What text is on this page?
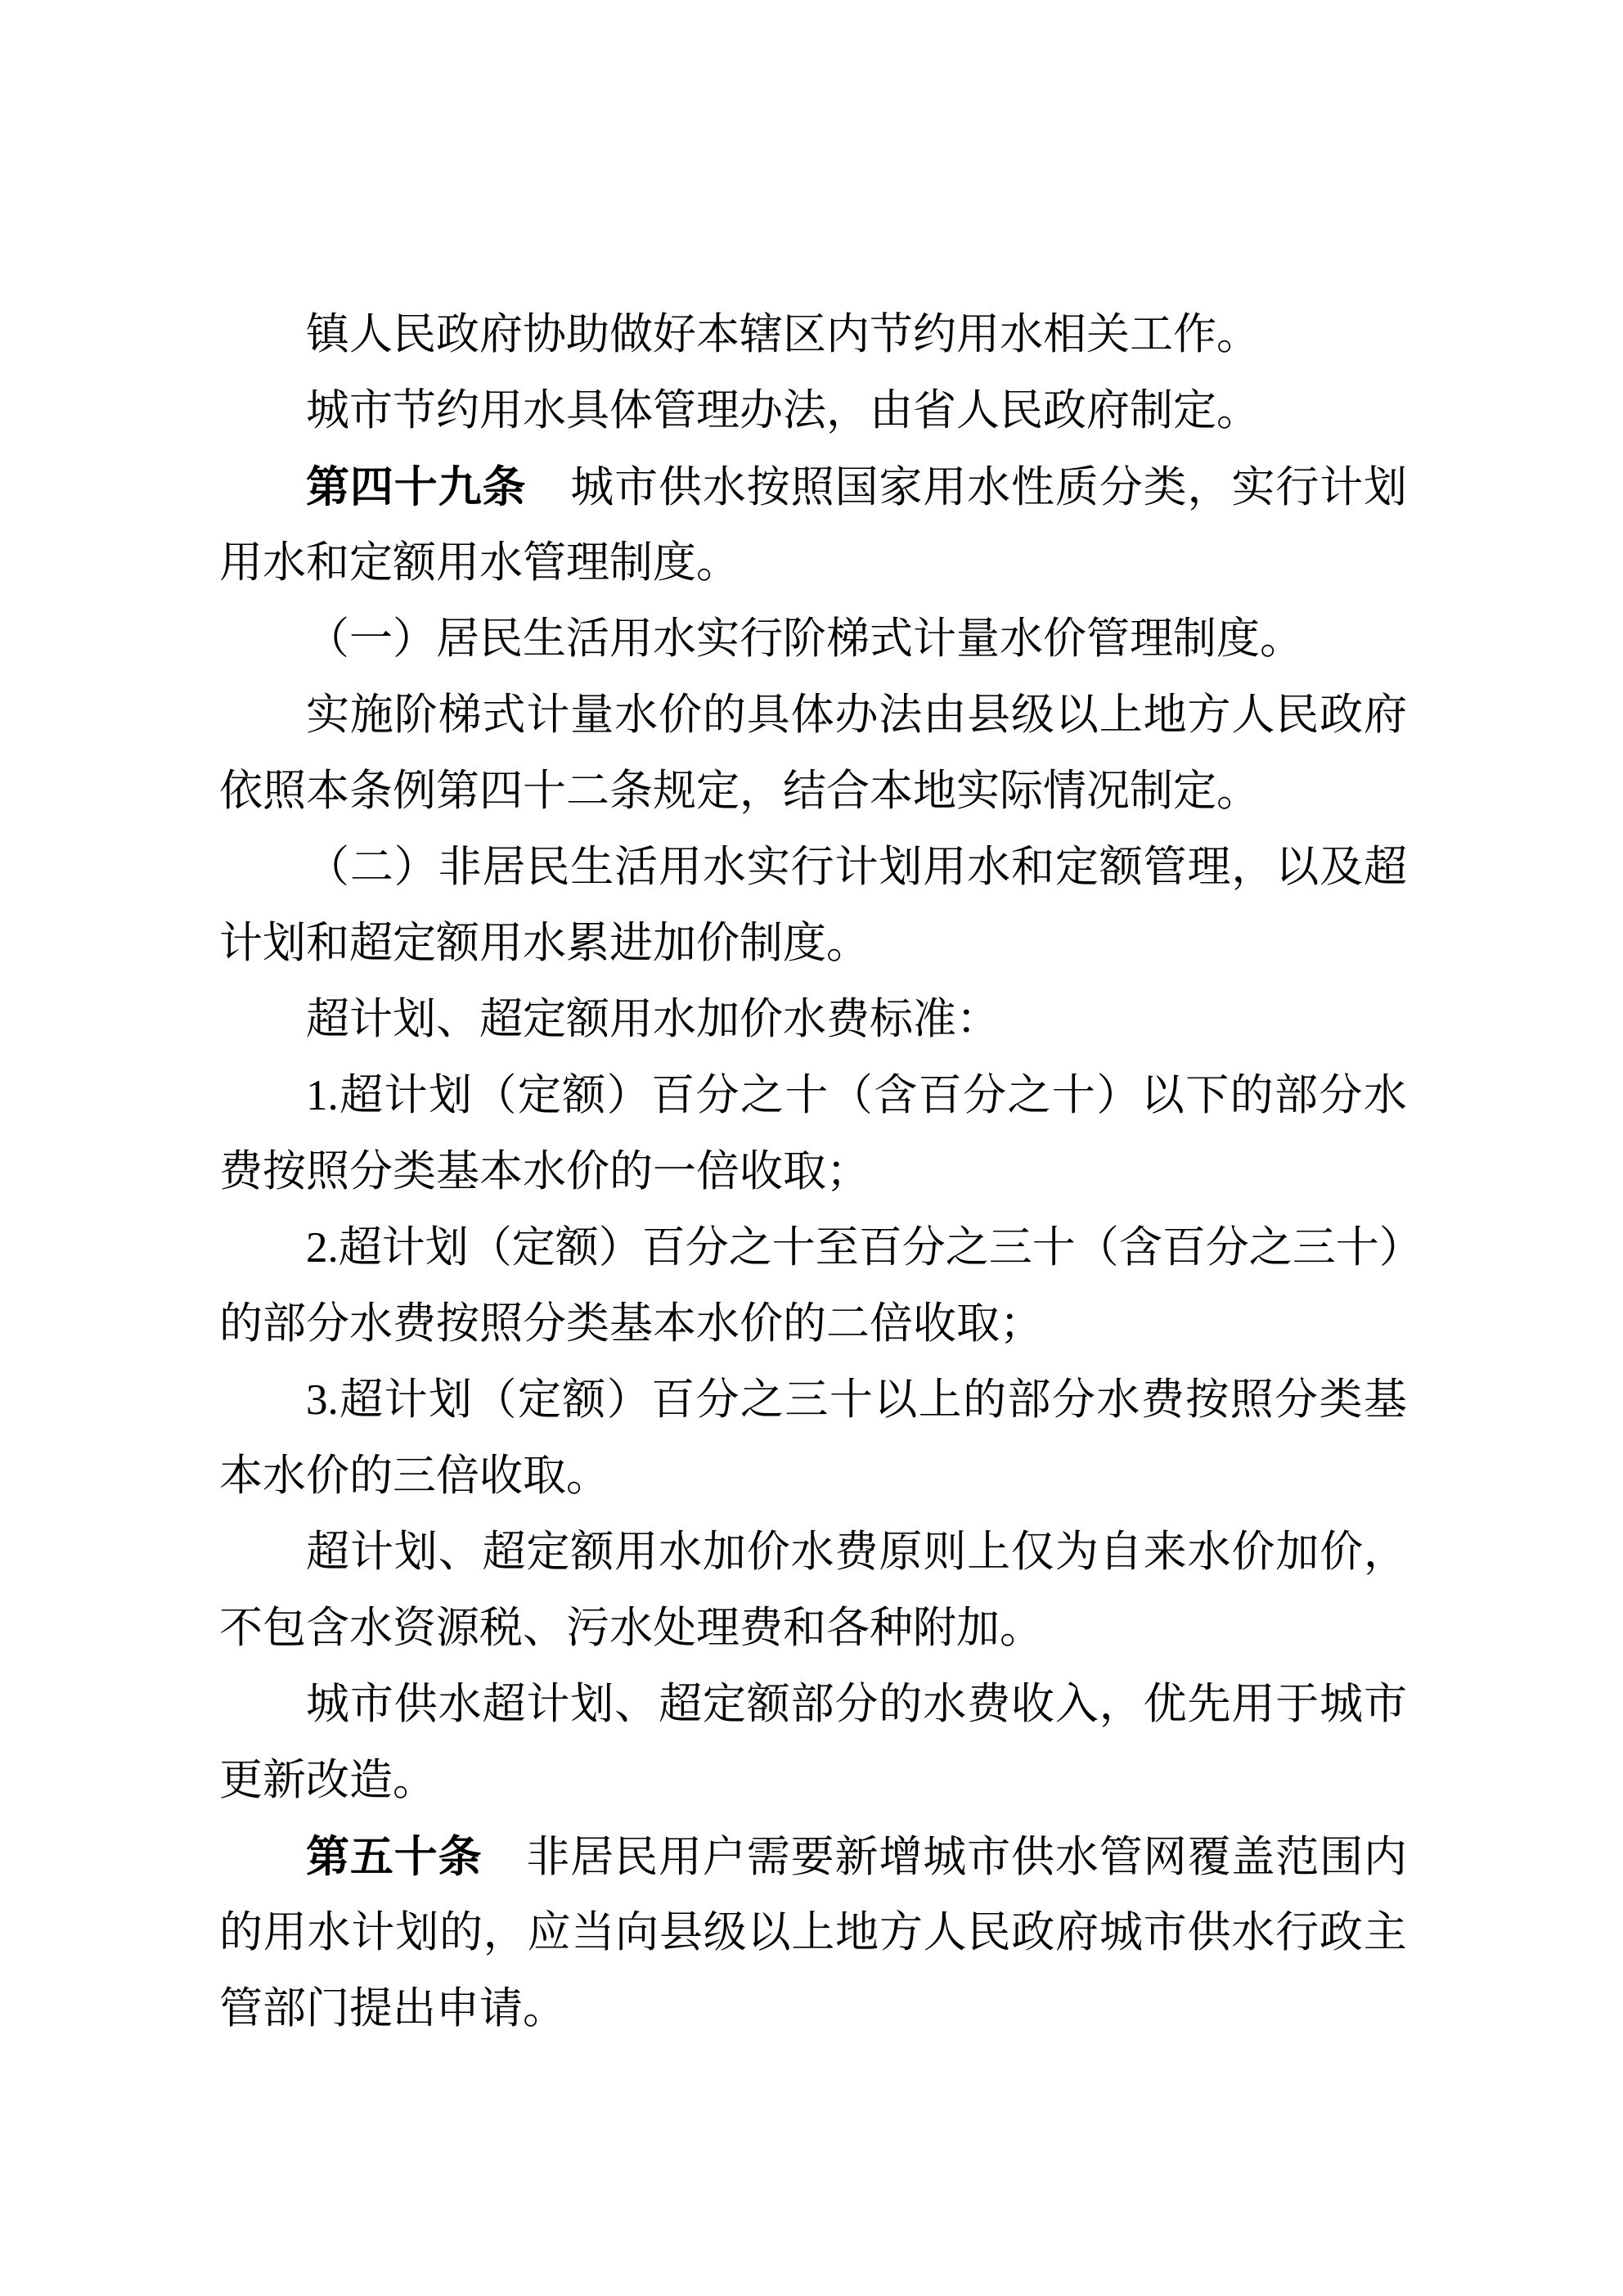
镇人民政府协助做好本辖区内节约用水相关工作。
城市节约用水具体管理办法，由省人民政府制定。
第 四 十 九 条 城 市 供 水 按 照 国 家 用 水 性 质 分 类 ， 实 行 计 划
用水和定额用水管理制度。
（一）居民生活用水实行阶梯式计量水价管理制度。
实 施 阶 梯 式 计 量 水 价 的 具 体 办 法 由 县 级 以 上 地 方 人 民 政 府
依照本条例第四十二条规定，结合本地实际情况制定。
（ 二 ） 非 居 民 生 活 用 水 实 行 计 划 用 水 和 定 额 管 理 ， 以 及 超
计划和超定额用水累进加价制度。
超计划、超定额用水加价水费标准：
1. 超 计 划 （ 定 额 ） 百 分 之 十 （ 含 百 分 之 十 ） 以 下 的 部 分 水
费按照分类基本水价的一倍收取；
2. 超 计 划 （ 定 额 ） 百 分 之 十 至 百 分 之 三 十 （ 含 百 分 之 三 十 ）
的部分水费按照分类基本水价的二倍收取；
3. 超 计 划 （ 定 额 ） 百 分 之 三 十 以 上 的 部 分 水 费 按 照 分 类 基
本水价的三倍收取。
超 计 划 、 超 定 额 用 水 加 价 水 费 原 则 上 仅 为 自 来 水 价 加 价 ，
不包含水资源税、污水处理费和各种附加。
城 市 供 水 超 计 划 、 超 定 额 部 分 的 水 费 收 入 ， 优 先 用 于 城 市
更新改造。
第 五 十 条 非 居 民 用 户 需 要 新 增 城 市 供 水 管 网 覆 盖 范 围 内
的 用 水 计 划 的 ， 应 当 向 县 级 以 上 地 方 人 民 政 府 城 市 供 水 行 政 主
管部门提出申请。
